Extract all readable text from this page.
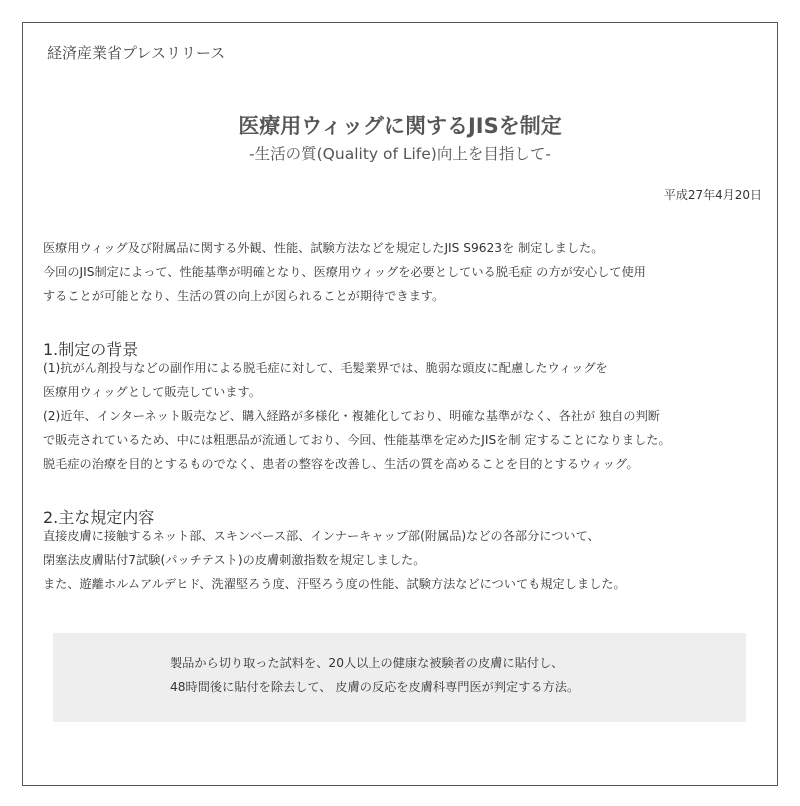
経済産業省プレスリリース
医療用ウィッグに関するJISを制定
-生活の質(Quality of Life)向上を目指して-
平成27年4月20日
医療用ウィッグ及び附属品に関する外観、性能、試験方法などを規定したJIS S9623を 制定しました。
今回のJIS制定によって、性能基準が明確となり、医療用ウィッグを必要としている脱毛症 の方が安心して使用
することが可能となり、生活の質の向上が図られることが期待できます。
1.制定の背景
(1)抗がん剤投与などの副作用による脱毛症に対して、毛髪業界では、脆弱な頭皮に配慮したウィッグを
医療用ウィッグとして販売しています。
(2)近年、インターネット販売など、購入経路が多様化・複雑化しており、明確な基準がなく、各社が 独自の判断
で販売されているため、中には粗悪品が流通しており、今回、性能基準を定めたJISを制 定することになりました。
脱毛症の治療を目的とするものでなく、患者の整容を改善し、生活の質を高めることを目的とするウィッグ。
2.主な規定内容
直接皮膚に接触するネット部、スキンベース部、インナーキャップ部(附属品)などの各部分について、
閉塞法皮膚貼付7試験(パッチテスト)の皮膚刺激指数を規定しました。
また、遊離ホルムアルデヒド、洗濯堅ろう度、汗堅ろう度の性能、試験方法などについても規定しました。
製品から切り取った試料を、20人以上の健康な被験者の皮膚に貼付し、
48時間後に貼付を除去して、 皮膚の反応を皮膚科専門医が判定する方法。
